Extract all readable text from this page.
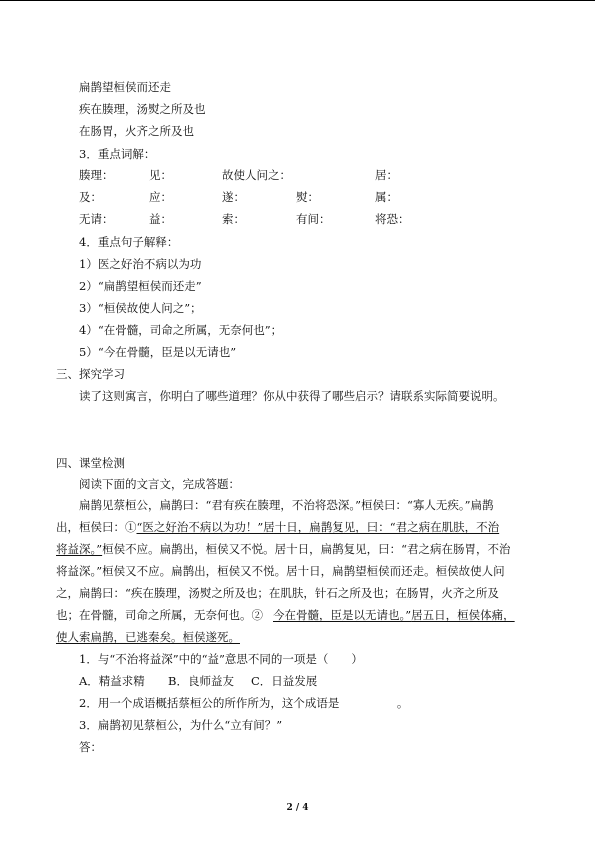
扁鹊望桓侯而还走
疾在腠理，汤熨之所及也
在肠胃，火齐之所及也
3．重点词解：
腠理：	见：	故使人问之：	居：
及：	应：	遂：	熨：	属：
无请：	益：	索：	有间：	将恐：
4．重点句子解释：
1）医之好治不病以为功
2）“扁鹊望桓侯而还走”
3）“桓侯故使人问之”；
4）“在骨髓，司命之所属，无奈何也”；
5）“今在骨髓，臣是以无请也”
三、探究学习
读了这则寓言，你明白了哪些道理？你从中获得了哪些启示？请联系实际简要说明。
四、课堂检测
阅读下面的文言文，完成答题：
扁鹊见蔡桓公，扁鹊曰：“君有疾在腠理，不治将恐深。”桓侯曰：“寡人无疾。”扁鹊
出，桓侯曰：①“医之好治不病以为功！”居十日，扁鹊复见，曰：“君之病在肌肤，不治
将益深。”桓侯不应。扁鹊出，桓侯又不悦。居十日，扁鹊复见，曰：“君之病在肠胃，不治
将益深。”桓侯又不应。扁鹊出，桓侯又不悦。居十日，扁鹊望桓侯而还走。桓侯故使人问
之，扁鹊曰：“疾在腠理，汤熨之所及也；在肌肤，针石之所及也；在肠胃，火齐之所及
也；在骨髓，司命之所属，无奈何也。② 今在骨髓，臣是以无请也。”居五日，桓侯体痛，
使人索扁鹊，已逃秦矣。桓侯遂死。
1．与“不治将益深”中的“益”意思不同的一项是（　　）
A．精益求精 B．良师益友 C．日益发展
2．用一个成语概括蔡桓公的所作所为，这个成语是　　　　　。
3．扁鹊初见蔡桓公，为什么“立有间？”
答：
2 / 4
